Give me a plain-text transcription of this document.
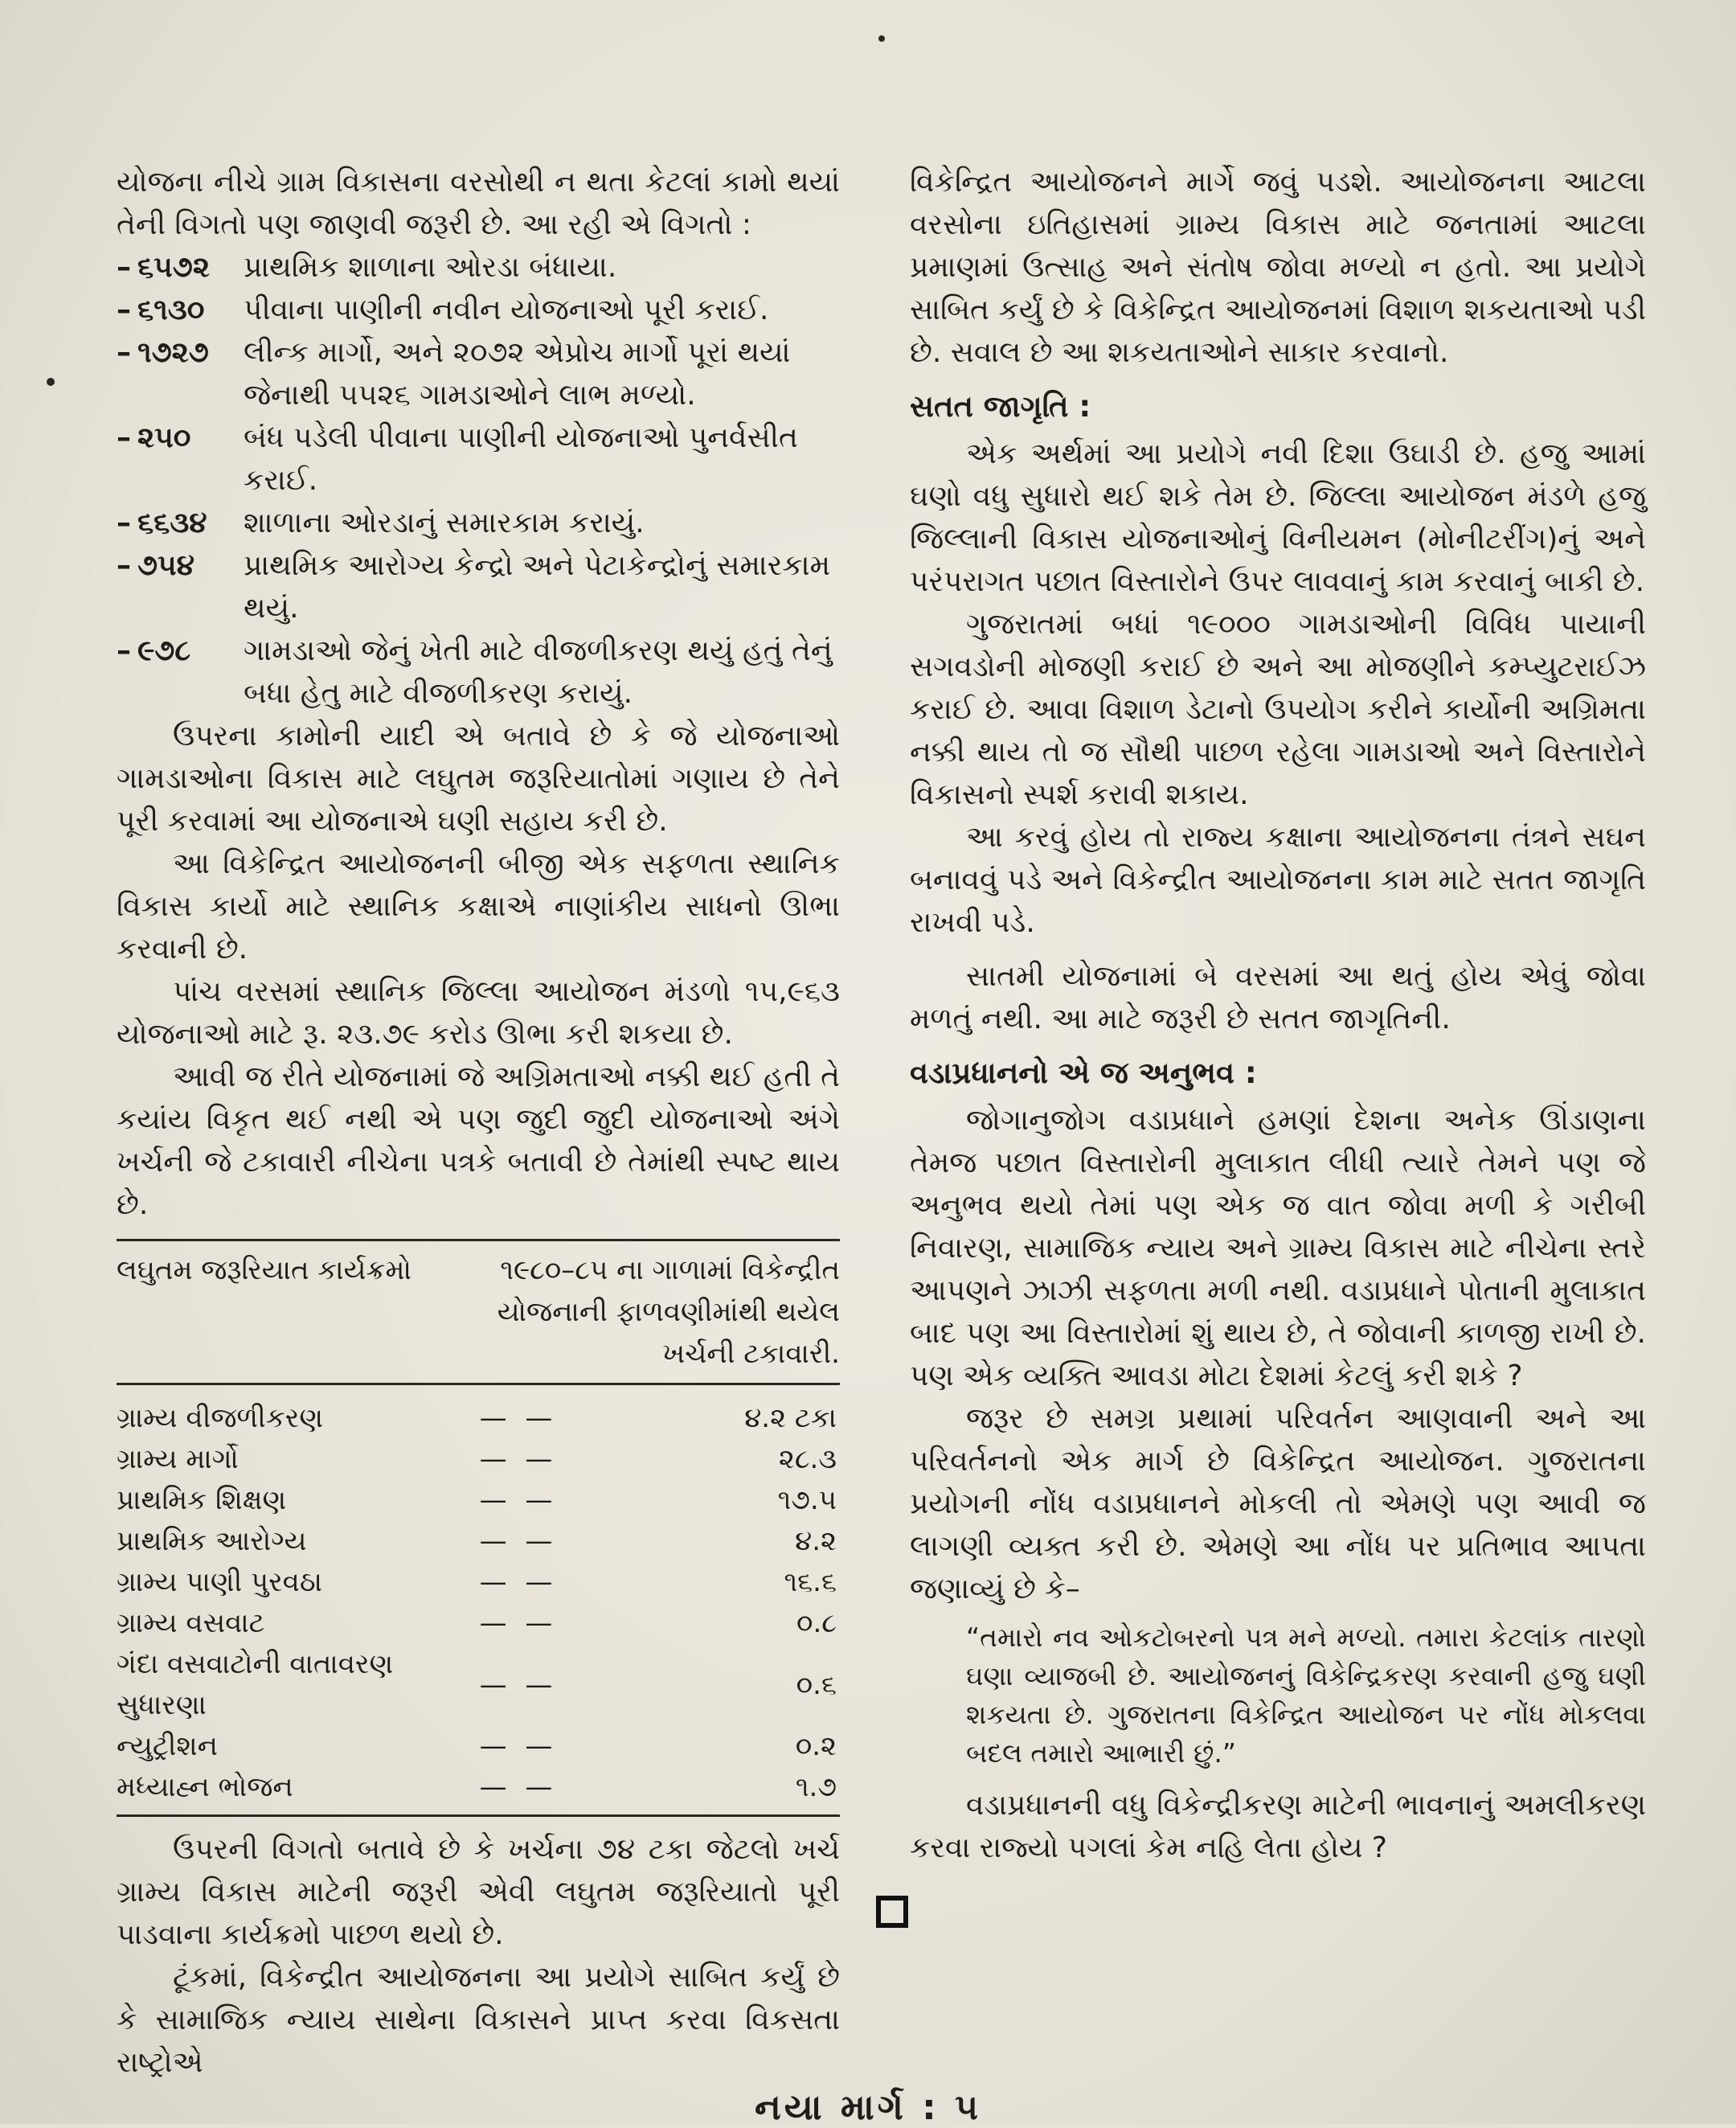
યોજના નીચે ગ્રામ વિકાસના વરસોથી ન થતા કેટલાં કામો થયાં તેની વિગતો પણ જાણવી જરૂરી છે. આ રહી એ વિગતો :

– ૬૫૭૨	પ્રાથમિક શાળાના ઓરડા બંધાયા.
– ૬૧૩૦	પીવાના પાણીની નવીન યોજનાઓ પૂરી કરાઈ.
– ૧૭૨૭	લીન્ક માર્ગો, અને ૨૦૭૨ એપ્રોચ માર્ગો પૂરાં થયાં જેનાથી ૫૫૨૬ ગામડાઓને લાભ મળ્યો.
– ૨૫૦	બંધ પડેલી પીવાના પાણીની યોજનાઓ પુનર્વસીત કરાઈ.
– ૬૬૩૪	શાળાના ઓરડાનું સમારકામ કરાયું.
– ૭૫૪	પ્રાથમિક આરોગ્ય કેન્દ્રો અને પેટાકેન્દ્રોનું સમારકામ થયું.
– ૯૭૮	ગામડાઓ જેનું ખેતી માટે વીજળીકરણ થયું હતું તેનું બધા હેતુ માટે વીજળીકરણ કરાયું.

ઉપરના કામોની યાદી એ બતાવે છે કે જે યોજનાઓ ગામડાઓના વિકાસ માટે લઘુતમ જરૂરિયાતોમાં ગણાય છે તેને પૂરી કરવામાં આ યોજનાએ ઘણી સહાય કરી છે.

આ વિકેન્દ્રિત આયોજનની બીજી એક સફળતા સ્થાનિક વિકાસ કાર્યો માટે સ્થાનિક કક્ષાએ નાણાંકીય સાધનો ઊભા કરવાની છે.

પાંચ વરસમાં સ્થાનિક જિલ્લા આયોજન મંડળો ૧૫,૯૬૩ યોજનાઓ માટે રૂ. ૨૩.૭૯ કરોડ ઊભા કરી શકયા છે.

આવી જ રીતે યોજનામાં જે અગ્રિમતાઓ નક્કી થઈ હતી તે કયાંય વિકૃત થઈ નથી એ પણ જુદી જુદી યોજનાઓ અંગે ખર્ચની જે ટકાવારી નીચેના પત્રકે બતાવી છે તેમાંથી સ્પષ્ટ થાય છે.

લઘુતમ જરૂરિયાત કાર્યક્રમો	૧૯૮૦–૮૫ ના ગાળામાં વિકેન્દ્રીત યોજનાની ફાળવણીમાંથી થયેલ ખર્ચની ટકાવારી.	
ગ્રામ્ય વીજળીકરણ	— —	૪.૨ ટકા
ગ્રામ્ય માર્ગો	— —	૨૮.૩
પ્રાથમિક શિક્ષણ	— —	૧૭.૫
પ્રાથમિક આરોગ્ય	— —	૪.૨
ગ્રામ્ય પાણી પુરવઠા	— —	૧૬.૬
ગ્રામ્ય વસવાટ	— —	૦.૮
ગંદા વસવાટોની વાતાવરણ સુધારણા	— —	૦.૬
ન્યુટ્રીશન	— —	૦.૨
મધ્યાહ્ન ભોજન	— —	૧.૭

ઉપરની વિગતો બતાવે છે કે ખર્ચના ૭૪ ટકા જેટલો ખર્ચ ગ્રામ્ય વિકાસ માટેની જરૂરી એવી લઘુતમ જરૂરિયાતો પૂરી પાડવાના કાર્યક્રમો પાછળ થયો છે.

ટૂંકમાં, વિકેન્દ્રીત આયોજનના આ પ્રયોગે સાબિત કર્યું છે કે સામાજિક ન્યાય સાથેના વિકાસને પ્રાપ્ત કરવા વિકસતા રાષ્ટ્રોએ

વિકેન્દ્રિત આયોજનને માર્ગે જવું પડશે. આયોજનના આટલા વરસોના ઇતિહાસમાં ગ્રામ્ય વિકાસ માટે જનતામાં આટલા પ્રમાણમાં ઉત્સાહ અને સંતોષ જોવા મળ્યો ન હતો. આ પ્રયોગે સાબિત કર્યું છે કે વિકેન્દ્રિત આયોજનમાં વિશાળ શકયતાઓ પડી છે. સવાલ છે આ શકયતાઓને સાકાર કરવાનો.

સતત જાગૃતિ :

એક અર્થમાં આ પ્રયોગે નવી દિશા ઉઘાડી છે. હજુ આમાં ઘણો વધુ સુધારો થઈ શકે તેમ છે. જિલ્લા આયોજન મંડળે હજુ જિલ્લાની વિકાસ યોજનાઓનું વિનીયમન (મોનીટરીંગ)નું અને પરંપરાગત પછાત વિસ્તારોને ઉપર લાવવાનું કામ કરવાનું બાકી છે.

ગુજરાતમાં બધાં ૧૯૦૦૦ ગામડાઓની વિવિધ પાયાની સગવડોની મોજણી કરાઈ છે અને આ મોજણીને કમ્પ્યુટરાઈઝ કરાઈ છે. આવા વિશાળ ડેટાનો ઉપયોગ કરીને કાર્યોની અગ્રિમતા નક્કી થાય તો જ સૌથી પાછળ રહેલા ગામડાઓ અને વિસ્તારોને વિકાસનો સ્પર્શ કરાવી શકાય.

આ કરવું હોય તો રાજ્ય કક્ષાના આયોજનના તંત્રને સઘન બનાવવું પડે અને વિકેન્દ્રીત આયોજનના કામ માટે સતત જાગૃતિ રાખવી પડે.

સાતમી યોજનામાં બે વરસમાં આ થતું હોય એવું જોવા મળતું નથી. આ માટે જરૂરી છે સતત જાગૃતિની.

વડાપ્રધાનનો એ જ અનુભવ :

જોગાનુજોગ વડાપ્રધાને હમણાં દેશના અનેક ઊંડાણના તેમજ પછાત વિસ્તારોની મુલાકાત લીધી ત્યારે તેમને પણ જે અનુભવ થયો તેમાં પણ એક જ વાત જોવા મળી કે ગરીબી નિવારણ, સામાજિક ન્યાય અને ગ્રામ્ય વિકાસ માટે નીચેના સ્તરે આપણને ઝાઝી સફળતા મળી નથી. વડાપ્રધાને પોતાની મુલાકાત બાદ પણ આ વિસ્તારોમાં શું થાય છે, તે જોવાની કાળજી રાખી છે. પણ એક વ્યક્તિ આવડા મોટા દેશમાં કેટલું કરી શકે ?

જરૂર છે સમગ્ર પ્રથામાં પરિવર્તન આણવાની અને આ પરિવર્તનનો એક માર્ગ છે વિકેન્દ્રિત આયોજન. ગુજરાતના પ્રયોગની નોંધ વડાપ્રધાનને મોકલી તો એમણે પણ આવી જ લાગણી વ્યક્ત કરી છે. એમણે આ નોંધ પર પ્રતિભાવ આપતા જણાવ્યું છે કે–

“તમારો નવ ઓકટોબરનો પત્ર મને મળ્યો. તમારા કેટલાંક તારણો ઘણા વ્યાજબી છે. આયોજનનું વિકેન્દ્રિકરણ કરવાની હજુ ઘણી શકયતા છે. ગુજરાતના વિકેન્દ્રિત આયોજન પર નોંધ મોકલવા બદલ તમારો આભારી છું.”

વડાપ્રધાનની વધુ વિકેન્દ્રીકરણ માટેની ભાવનાનું અમલીકરણ કરવા રાજ્યો પગલાં કેમ નહિ લેતા હોય ?

નયા માર્ગ : ૫
